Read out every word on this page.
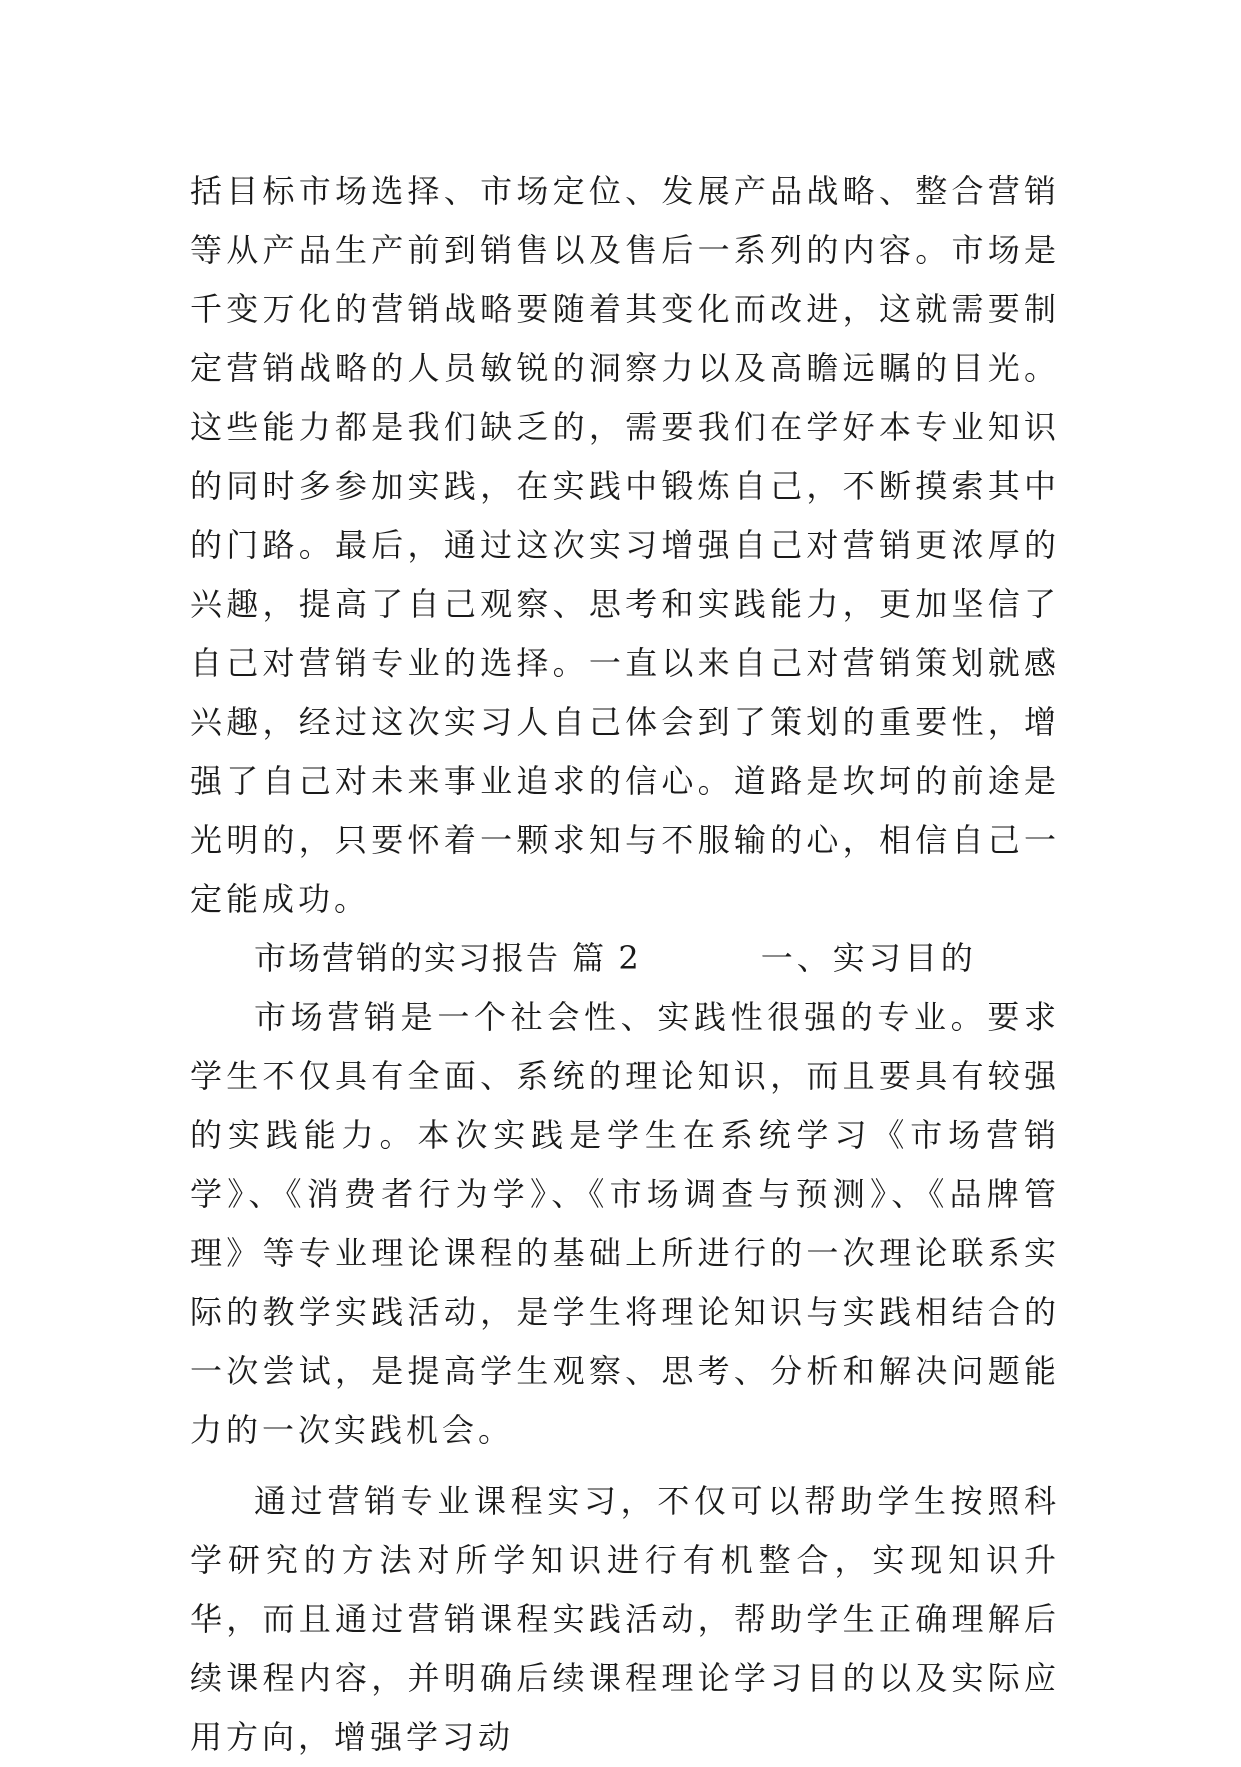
括目标市场选择、市场定位、发展产品战略、整合营销等从产品生产前到销售以及售后一系列的内容。市场是千变万化的营销战略要随着其变化而改进，这就需要制定营销战略的人员敏锐的洞察力以及高瞻远瞩的目光。这些能力都是我们缺乏的，需要我们在学好本专业知识的同时多参加实践，在实践中锻炼自己，不断摸索其中的门路。最后，通过这次实习增强自己对营销更浓厚的兴趣，提高了自己观察、思考和实践能力，更加坚信了自己对营销专业的选择。一直以来自己对营销策划就感兴趣，经过这次实习人自己体会到了策划的重要性，增强了自己对未来事业追求的信心。道路是坎坷的前途是光明的，只要怀着一颗求知与不服输的心，相信自己一定能成功。

市场营销的实习报告 篇 2	一、实习目的

市场营销是一个社会性、实践性很强的专业。要求学生不仅具有全面、系统的理论知识，而且要具有较强的实践能力。本次实践是学生在系统学习《市场营销学》、《消费者行为学》、《市场调查与预测》、《品牌管理》等专业理论课程的基础上所进行的一次理论联系实际的教学实践活动，是学生将理论知识与实践相结合的一次尝试，是提高学生观察、思考、分析和解决问题能力的一次实践机会。

通过营销专业课程实习，不仅可以帮助学生按照科学研究的方法对所学知识进行有机整合，实现知识升华，而且通过营销课程实践活动，帮助学生正确理解后续课程内容，并明确后续课程理论学习目的以及实际应用方向，增强学习动
